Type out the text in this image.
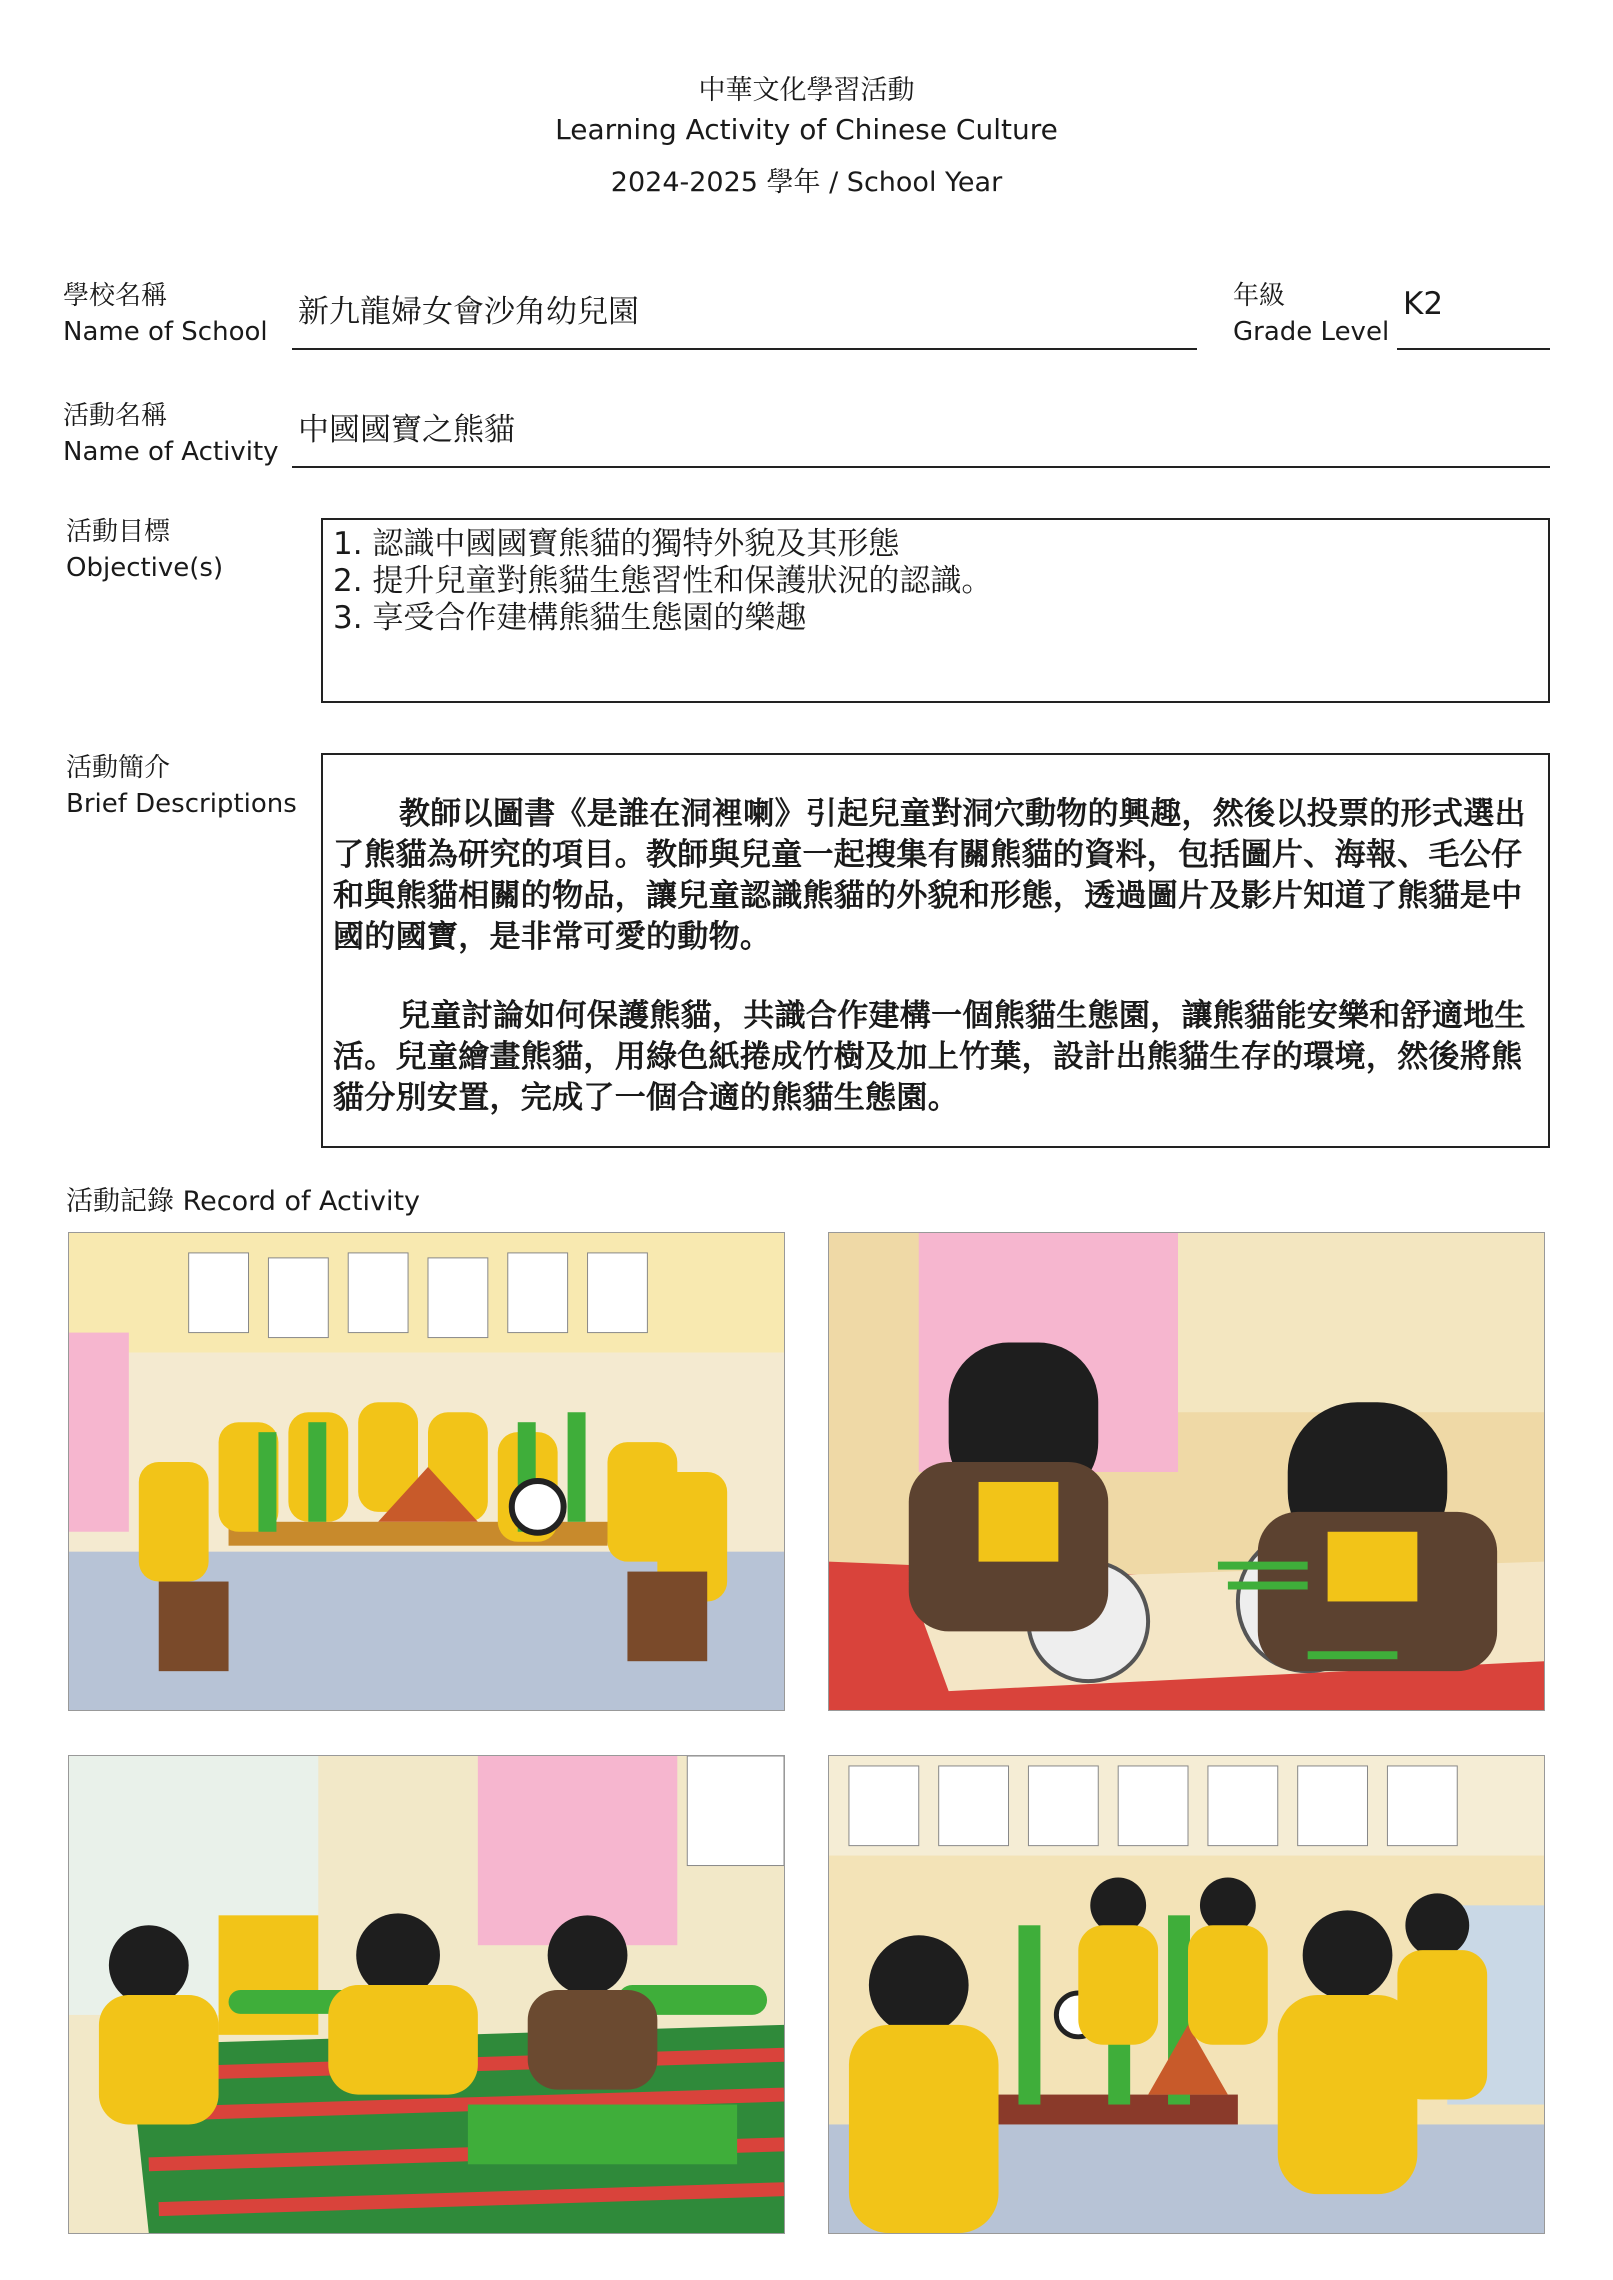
中華文化學習活動
Learning Activity of Chinese Culture
2024-2025 學年 / School Year
學校名稱
Name of School
新九龍婦女會沙角幼兒園	年級
Grade Level
K2
活動名稱
Name of Activity
中國國寶之熊貓
活動目標
Objective(s)
1. 認識中國國寶熊貓的獨特外貌及其形態
2. 提升兒童對熊貓生態習性和保護狀況的認識。
3. 享受合作建構熊貓生態園的樂趣
活動簡介
Brief Descriptions	教師以圖書《是誰在洞裡喇》引起兒童對洞穴動物的興趣，然後以投票的形式選出了熊貓為研究的項目。教師與兒童一起搜集有關熊貓的資料，包括圖片、海報、毛公仔和與熊貓相關的物品，讓兒童認識熊貓的外貌和形態，透過圖片及影片知道了熊貓是中國的國寶，是非常可愛的動物。

兒童討論如何保護熊貓，共識合作建構一個熊貓生態園，讓熊貓能安樂和舒適地生活。兒童繪畫熊貓，用綠色紙捲成竹樹及加上竹葉，設計出熊貓生存的環境，然後將熊貓分別安置，完成了一個合適的熊貓生態園。

活動記錄 Record of Activity
